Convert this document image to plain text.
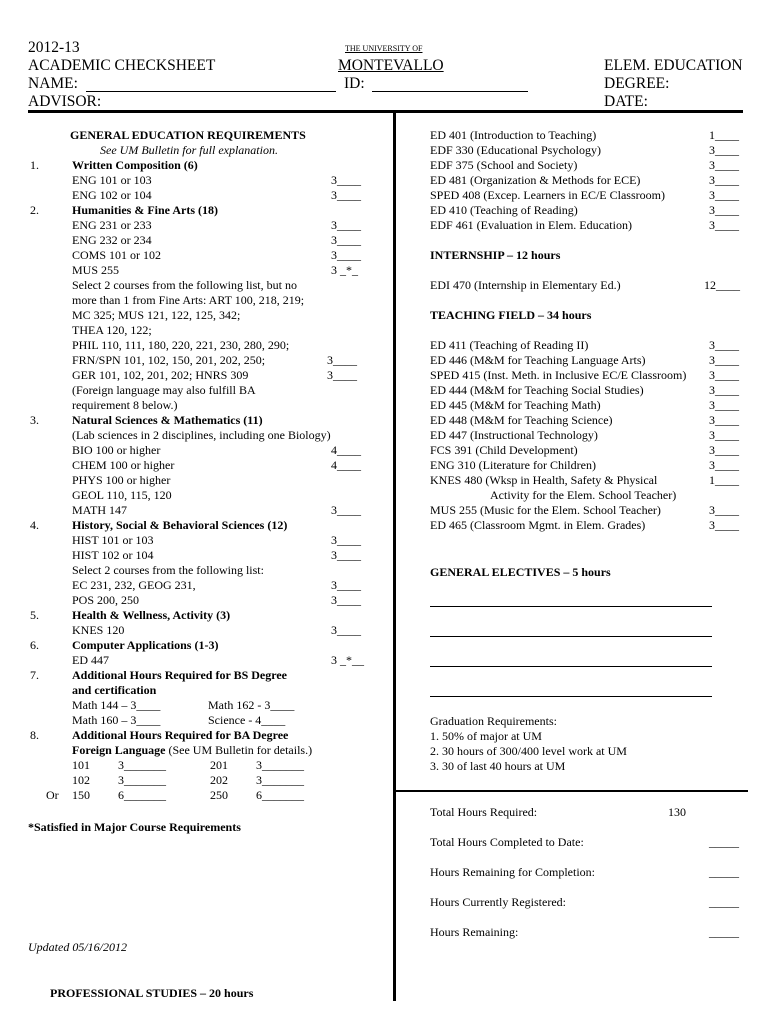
2012-13
ACADEMIC CHECKSHEET
THE UNIVERSITY OF
MONTEVALLO	ELEM. EDUCATION
NAME:	ID:	DEGREE:
ADVISOR:	DATE:
GENERAL EDUCATION REQUIREMENTS
See UM Bulletin for full explanation.
1.	Written Composition (6)
ENG 101 or 103	3____
ENG 102 or 104	3____
2.	Humanities & Fine Arts (18)
ENG 231 or 233	3____
ENG 232 or 234	3____
COMS 101 or 102	3____
MUS 255	3 _*_
Select 2 courses from the following list, but no
more than 1 from Fine Arts: ART 100, 218, 219;
MC 325; MUS 121, 122, 125, 342;
THEA 120, 122;
PHIL 110, 111, 180, 220, 221, 230, 280, 290;
FRN/SPN 101, 102, 150, 201, 202, 250;	3____
GER 101, 102, 201, 202; HNRS 309	3____
(Foreign language may also fulfill BA
requirement 8 below.)
3.	Natural Sciences & Mathematics (11)
(Lab sciences in 2 disciplines, including one Biology)
BIO 100 or higher	4____
CHEM 100 or higher	4____
PHYS 100 or higher
GEOL 110, 115, 120
MATH 147	3____
4.	History, Social & Behavioral Sciences (12)
HIST 101 or 103	3____
HIST 102 or 104	3____
Select 2 courses from the following list:
EC 231, 232, GEOG 231,	3____
POS 200, 250	3____
5.	Health & Wellness, Activity (3)
KNES 120	3____
6.	Computer Applications (1-3)
ED 447	3 _*__
7.	Additional Hours Required for BS Degree
and certification
Math 144 – 3____	Math 162 - 3____
Math 160 – 3____	Science - 4____
8.	Additional Hours Required for BA Degree
Foreign Language (See UM Bulletin for details.)
101 3_______	201 3_______
102 3_______	202 3_______
Or 150 6_______	250 6_______
*Satisfied in Major Course Requirements
Updated 05/16/2012
PROFESSIONAL STUDIES – 20 hours
ED 401 (Introduction to Teaching)	1____
EDF 330 (Educational Psychology)	3____
EDF 375 (School and Society)	3____
ED 481 (Organization & Methods for ECE)	3____
SPED 408 (Excep. Learners in EC/E Classroom)	3____
ED 410 (Teaching of Reading)	3____
EDF 461 (Evaluation in Elem. Education)	3____
INTERNSHIP – 12 hours
EDI 470 (Internship in Elementary Ed.)	12____
TEACHING FIELD – 34 hours
ED 411 (Teaching of Reading II)	3____
ED 446 (M&M for Teaching Language Arts)	3____
SPED 415 (Inst. Meth. in Inclusive EC/E Classroom) 3____
ED 444 (M&M for Teaching Social Studies)	3____
ED 445 (M&M for Teaching Math)	3____
ED 448 (M&M for Teaching Science)	3____
ED 447 (Instructional Technology)	3____
FCS 391 (Child Development)	3____
ENG 310 (Literature for Children)	3____
KNES 480 (Wksp in Health, Safety & Physical	1____
Activity for the Elem. School Teacher)
MUS 255 (Music for the Elem. School Teacher)	3____
ED 465 (Classroom Mgmt. in Elem. Grades)	3____
GENERAL ELECTIVES – 5 hours
Graduation Requirements:
1. 50% of major at UM
2. 30 hours of 300/400 level work at UM
3. 30 of last 40 hours at UM
Total Hours Required:	130
Total Hours Completed to Date:	_____
Hours Remaining for Completion:	_____
Hours Currently Registered:	_____
Hours Remaining:	_____
